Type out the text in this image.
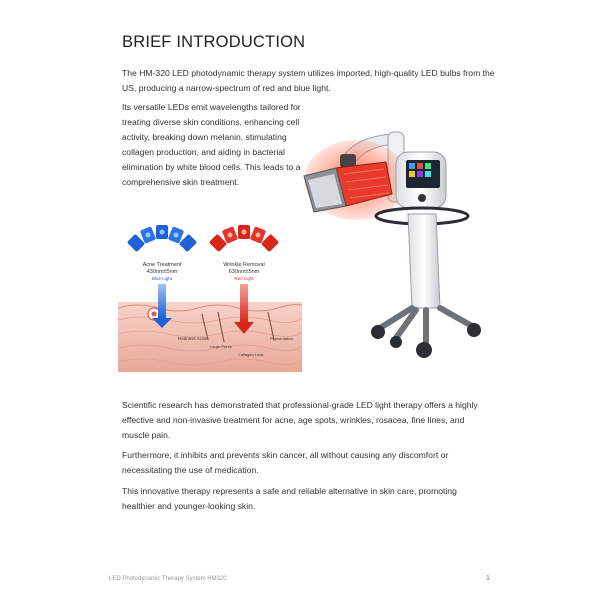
BRIEF INTRODUCTION

The HM-320 LED photodynamic therapy system utilizes imported, high-quality LED bulbs from the US, producing a narrow-spectrum of red and blue light.

Its versatile LEDs emit wavelengths tailored for treating diverse skin conditions, enhancing cell activity, breaking down melanin, stimulating collagen production, and aiding in bacterial elimination by white blood cells. This leads to a comprehensive skin treatment.

Acne Treatment
430nm±5nm
Blue Light
Wrinkle Removal
630nm±5nm
Red Light
Redness Acne
Large Pores
Collagen Loss
Pigmentation

Scientific research has demonstrated that professional-grade LED light therapy offers a highly effective and non-invasive treatment for acne, age spots, wrinkles, rosacea, fine lines, and muscle pain.

Furthermore, it inhibits and prevents skin cancer, all without causing any discomfort or necessitating the use of medication.

This innovative therapy represents a safe and reliable alternative in skin care, promoting healthier and younger-looking skin.

LED Photodynamic Therapy System HM320	1
